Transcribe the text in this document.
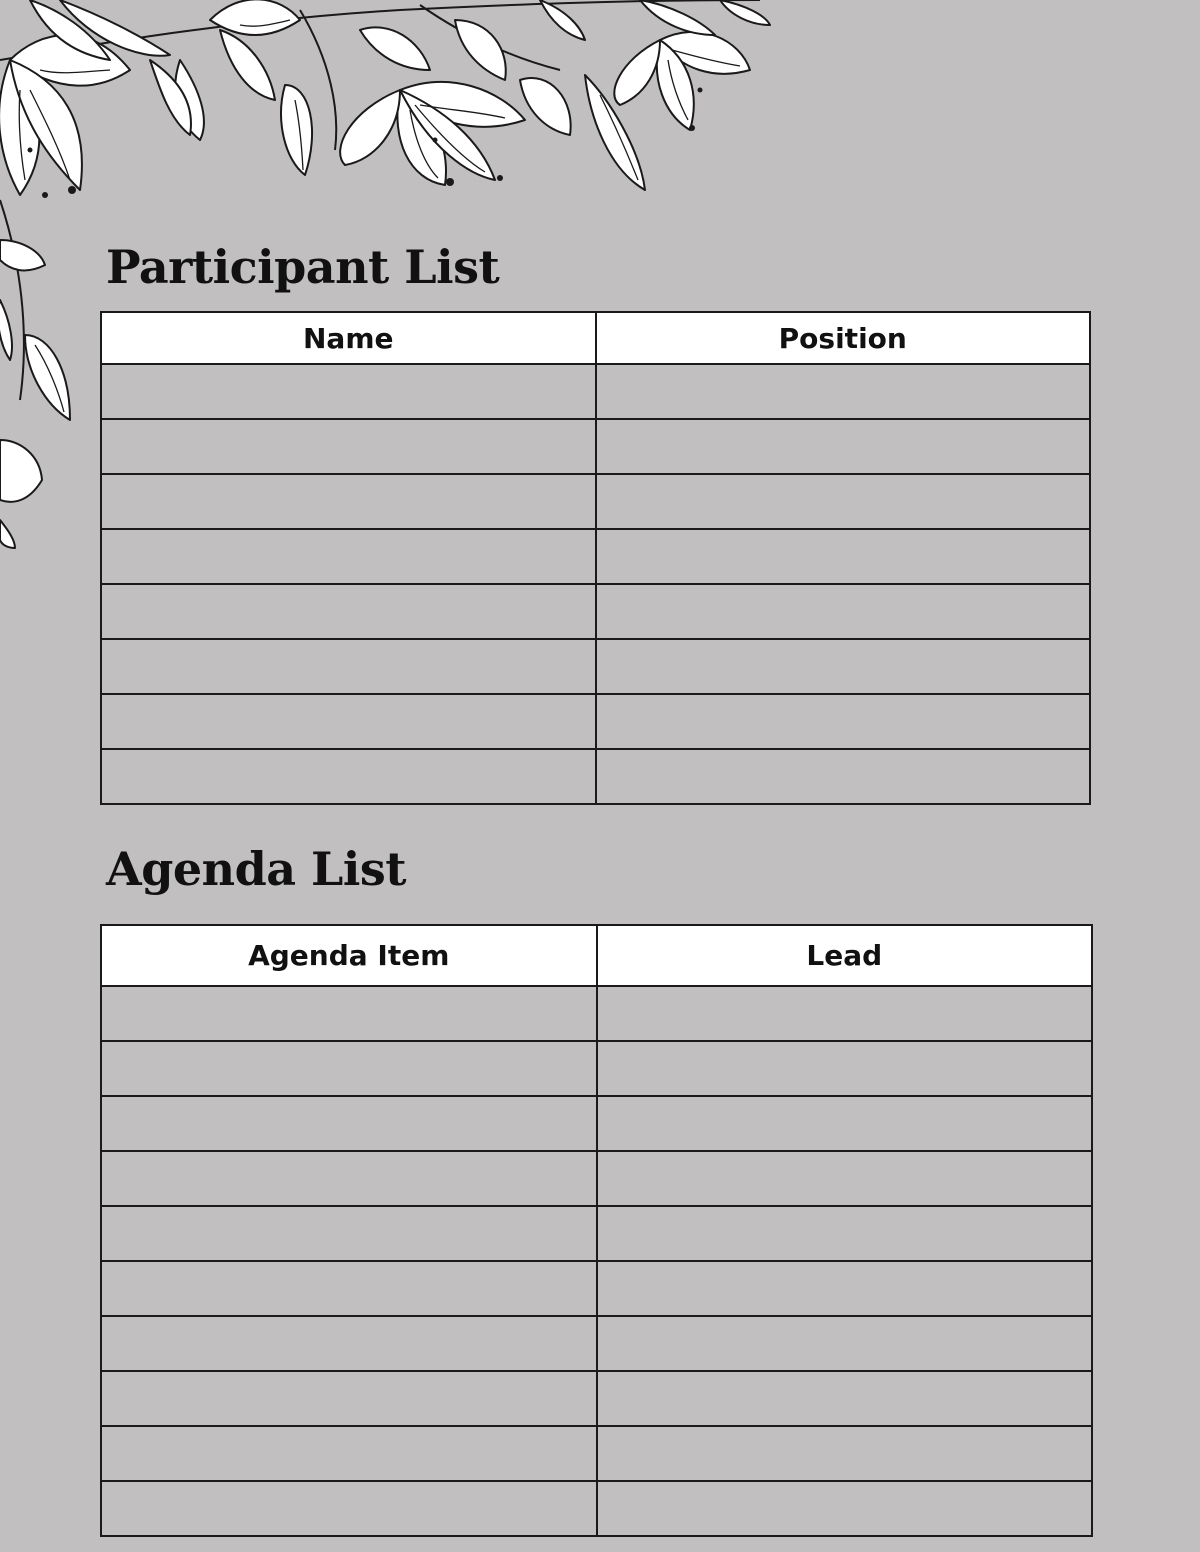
Participant List
Name	Position

Agenda List
Agenda Item	Lead
